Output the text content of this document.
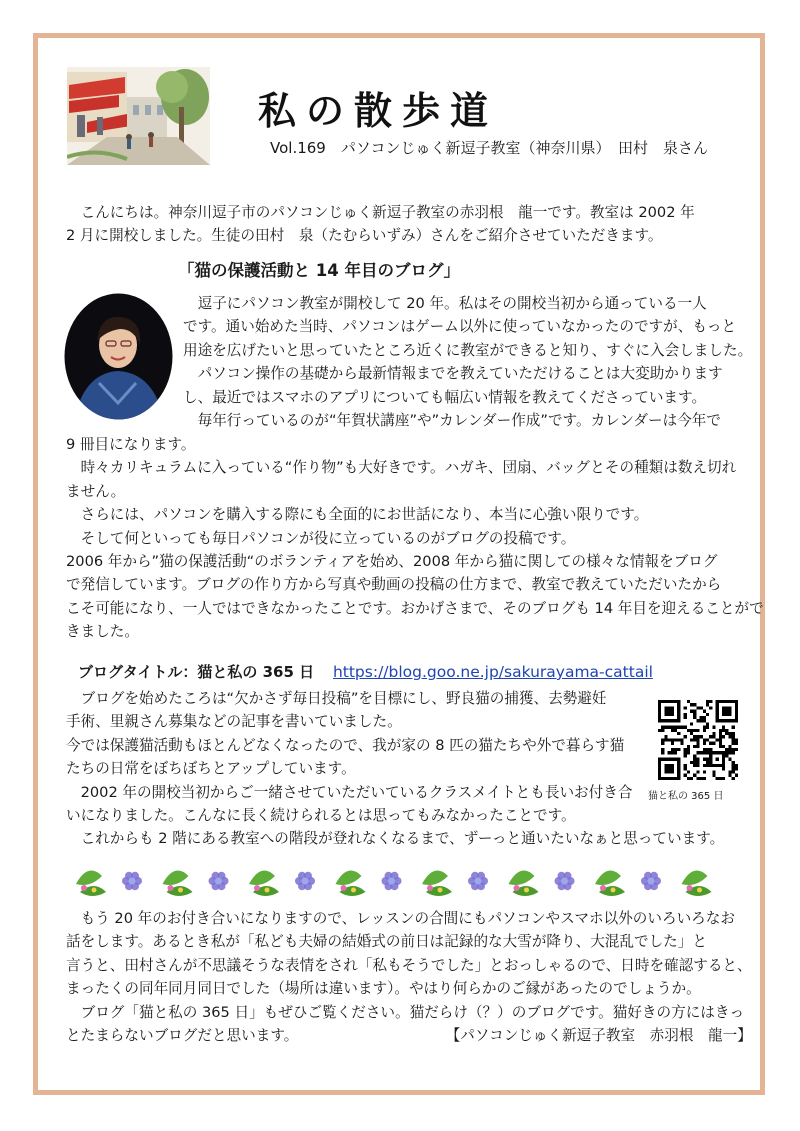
私の散歩道
Vol.169　パソコンじゅく新逗子教室（神奈川県）　田村　泉さん
　こんにちは。神奈川逗子市のパソコンじゅく新逗子教室の赤羽根　龍一です。教室は 2002 年
2 月に開校しました。生徒の田村　泉（たむらいずみ）さんをご紹介させていただきます。
「猫の保護活動と 14 年目のブログ」
　逗子にパソコン教室が開校して 20 年。私はその開校当初から通っている一人
です。通い始めた当時、パソコンはゲーム以外に使っていなかったのですが、もっと
用途を広げたいと思っていたところ近くに教室ができると知り、すぐに入会しました。
　パソコン操作の基礎から最新情報までを教えていただけることは大変助かります
し、最近ではスマホのアプリについても幅広い情報を教えてくださっています。
　毎年行っているのが“年賀状講座”や”カレンダー作成”です。カレンダーは今年で
9 冊目になります。
　時々カリキュラムに入っている“作り物”も大好きです。ハガキ、団扇、バッグとその種類は数え切れ
ません。
　さらには、パソコンを購入する際にも全面的にお世話になり、本当に心強い限りです。
　そして何といっても毎日パソコンが役に立っているのがブログの投稿です。
2006 年から”猫の保護活動“のボランティアを始め、2008 年から猫に関しての様々な情報をブログ
で発信しています。ブログの作り方から写真や動画の投稿の仕方まで、教室で教えていただいたから
こそ可能になり、一人ではできなかったことです。おかげさまで、そのブログも 14 年目を迎えることがで
きました。
ブログタイトル：猫と私の 365 日 https://blog.goo.ne.jp/sakurayama-cattail
　ブログを始めたころは“欠かさず毎日投稿”を目標にし、野良猫の捕獲、去勢避妊
手術、里親さん募集などの記事を書いていました。
今では保護猫活動もほとんどなくなったので、我が家の 8 匹の猫たちや外で暮らす猫
たちの日常をぼちぼちとアップしています。
　2002 年の開校当初からご一緒させていただいているクラスメイトとも長いお付き合
いになりました。こんなに長く続けられるとは思ってもみなかったことです。
　これからも 2 階にある教室への階段が登れなくなるまで、ずーっと通いたいなぁと思っています。
猫と私の 365 日
　もう 20 年のお付き合いになりますので、レッスンの合間にもパソコンやスマホ以外のいろいろなお
話をします。あるとき私が「私ども夫婦の結婚式の前日は記録的な大雪が降り、大混乱でした」と
言うと、田村さんが不思議そうな表情をされ「私もそうでした」とおっしゃるので、日時を確認すると、
まったくの同年同月同日でした（場所は違います）。やはり何らかのご縁があったのでしょうか。
　ブログ「猫と私の 365 日」もぜひご覧ください。猫だらけ（？）のブログです。猫好きの方にはきっ
とたまらないブログだと思います。	【パソコンじゅく新逗子教室　赤羽根　龍一】
